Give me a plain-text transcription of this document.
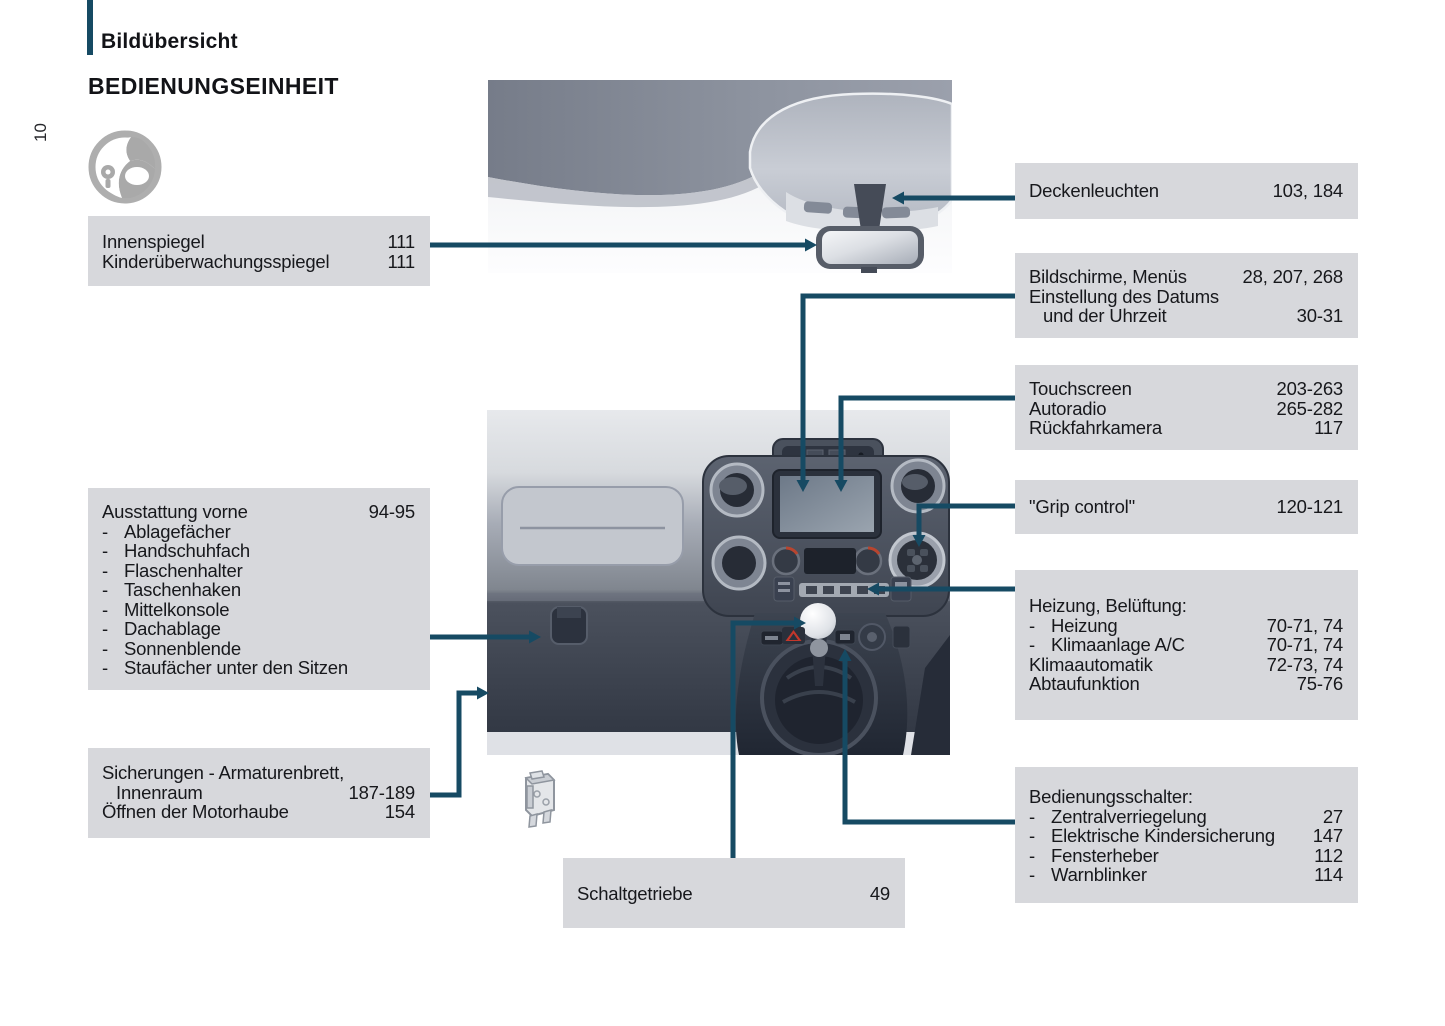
Bildübersicht
BEDIENUNGSEINHEIT
10
Innenspiegel	111
Kinderüberwachungsspiegel	111
Ausstattung vorne	94-95
- Ablagefächer
- Handschuhfach
- Flaschenhalter
- Taschenhaken
- Mittelkonsole
- Dachablage
- Sonnenblende
- Staufächer unter den Sitzen
Sicherungen - Armaturenbrett,
Innenraum	187-189
Öffnen der Motorhaube	154
Deckenleuchten	103, 184
Bildschirme, Menüs	28, 207, 268
Einstellung des Datums
und der Uhrzeit	30-31
Touchscreen	203-263
Autoradio	265-282
Rückfahrkamera	117
"Grip control"	120-121
Heizung, Belüftung:
- Heizung	70-71, 74
- Klimaanlage A/C	70-71, 74
Klimaautomatik	72-73, 74
Abtaufunktion	75-76
Bedienungsschalter:
- Zentralverriegelung	27
- Elektrische Kindersicherung	147
- Fensterheber	112
- Warnblinker	114
Schaltgetriebe	49
